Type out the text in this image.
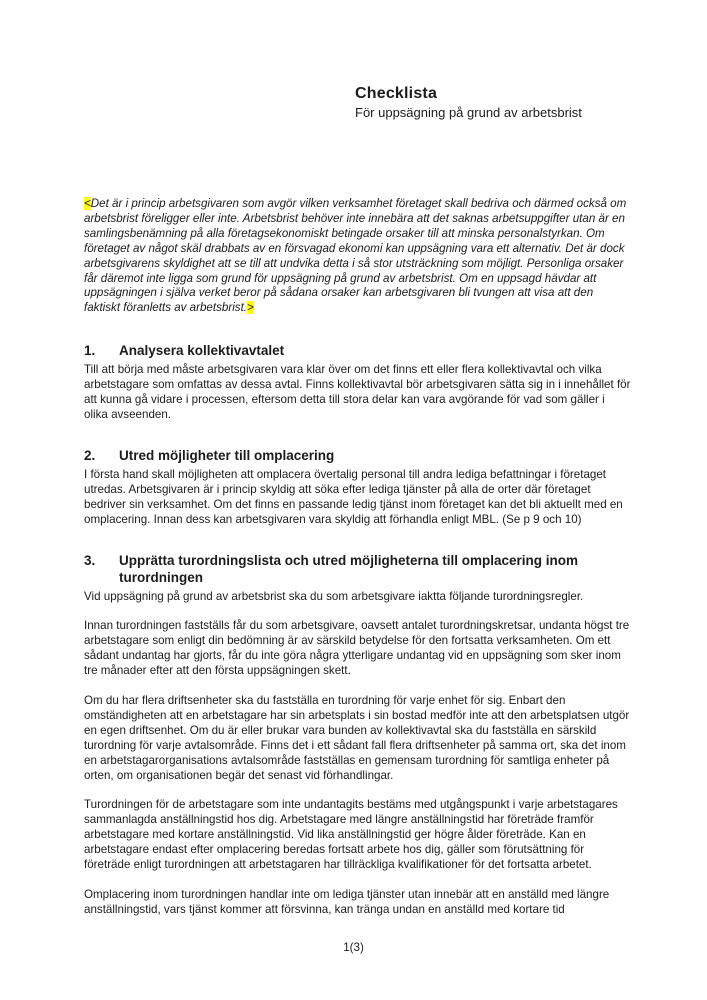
Checklista
För uppsägning på grund av arbetsbrist

<Det är i princip arbetsgivaren som avgör vilken verksamhet företaget skall bedriva och därmed också om arbetsbrist föreligger eller inte. Arbetsbrist behöver inte innebära att det saknas arbetsuppgifter utan är en samlingsbenämning på alla företagsekonomiskt betingade orsaker till att minska personalstyrkan. Om företaget av något skäl drabbats av en försvagad ekonomi kan uppsägning vara ett alternativ. Det är dock arbetsgivarens skyldighet att se till att undvika detta i så stor utsträckning som möjligt. Personliga orsaker får däremot inte ligga som grund för uppsägning på grund av arbetsbrist. Om en uppsagd hävdar att uppsägningen i själva verket beror på sådana orsaker kan arbetsgivaren bli tvungen att visa att den faktiskt föranletts av arbetsbrist.>

1.	Analysera kollektivavtalet

Till att börja med måste arbetsgivaren vara klar över om det finns ett eller flera kollektivavtal och vilka arbetstagare som omfattas av dessa avtal. Finns kollektivavtal bör arbetsgivaren sätta sig in i innehållet för att kunna gå vidare i processen, eftersom detta till stora delar kan vara avgörande för vad som gäller i olika avseenden.

2.	Utred möjligheter till omplacering

I första hand skall möjligheten att omplacera övertalig personal till andra lediga befattningar i företaget utredas. Arbetsgivaren är i princip skyldig att söka efter lediga tjänster på alla de orter där företaget bedriver sin verksamhet. Om det finns en passande ledig tjänst inom företaget kan det bli aktuellt med en omplacering. Innan dess kan arbetsgivaren vara skyldig att förhandla enligt MBL. (Se p 9 och 10)

3.	Upprätta turordningslista och utred möjligheterna till omplacering inom turordningen

Vid uppsägning på grund av arbetsbrist ska du som arbetsgivare iaktta följande turordningsregler.

Innan turordningen fastställs får du som arbetsgivare, oavsett antalet turordningskretsar, undanta högst tre arbetstagare som enligt din bedömning är av särskild betydelse för den fortsatta verksamheten. Om ett sådant undantag har gjorts, får du inte göra några ytterligare undantag vid en uppsägning som sker inom tre månader efter att den första uppsägningen skett.

Om du har flera driftsenheter ska du fastställa en turordning för varje enhet för sig. Enbart den omständigheten att en arbetstagare har sin arbetsplats i sin bostad medför inte att den arbetsplatsen utgör en egen driftsenhet. Om du är eller brukar vara bunden av kollektivavtal ska du fastställa en särskild turordning för varje avtalsområde. Finns det i ett sådant fall flera driftsenheter på samma ort, ska det inom en arbetstagarorganisations avtalsområde fastställas en gemensam turordning för samtliga enheter på orten, om organisationen begär det senast vid förhandlingar.

Turordningen för de arbetstagare som inte undantagits bestäms med utgångspunkt i varje arbetstagares sammanlagda anställningstid hos dig. Arbetstagare med längre anställningstid har företräde framför arbetstagare med kortare anställningstid. Vid lika anställningstid ger högre ålder företräde. Kan en arbetstagare endast efter omplacering beredas fortsatt arbete hos dig, gäller som förutsättning för företräde enligt turordningen att arbetstagaren har tillräckliga kvalifikationer för det fortsatta arbetet.

Omplacering inom turordningen handlar inte om lediga tjänster utan innebär att en anställd med längre anställningstid, vars tjänst kommer att försvinna, kan tränga undan en anställd med kortare tid

1(3)
